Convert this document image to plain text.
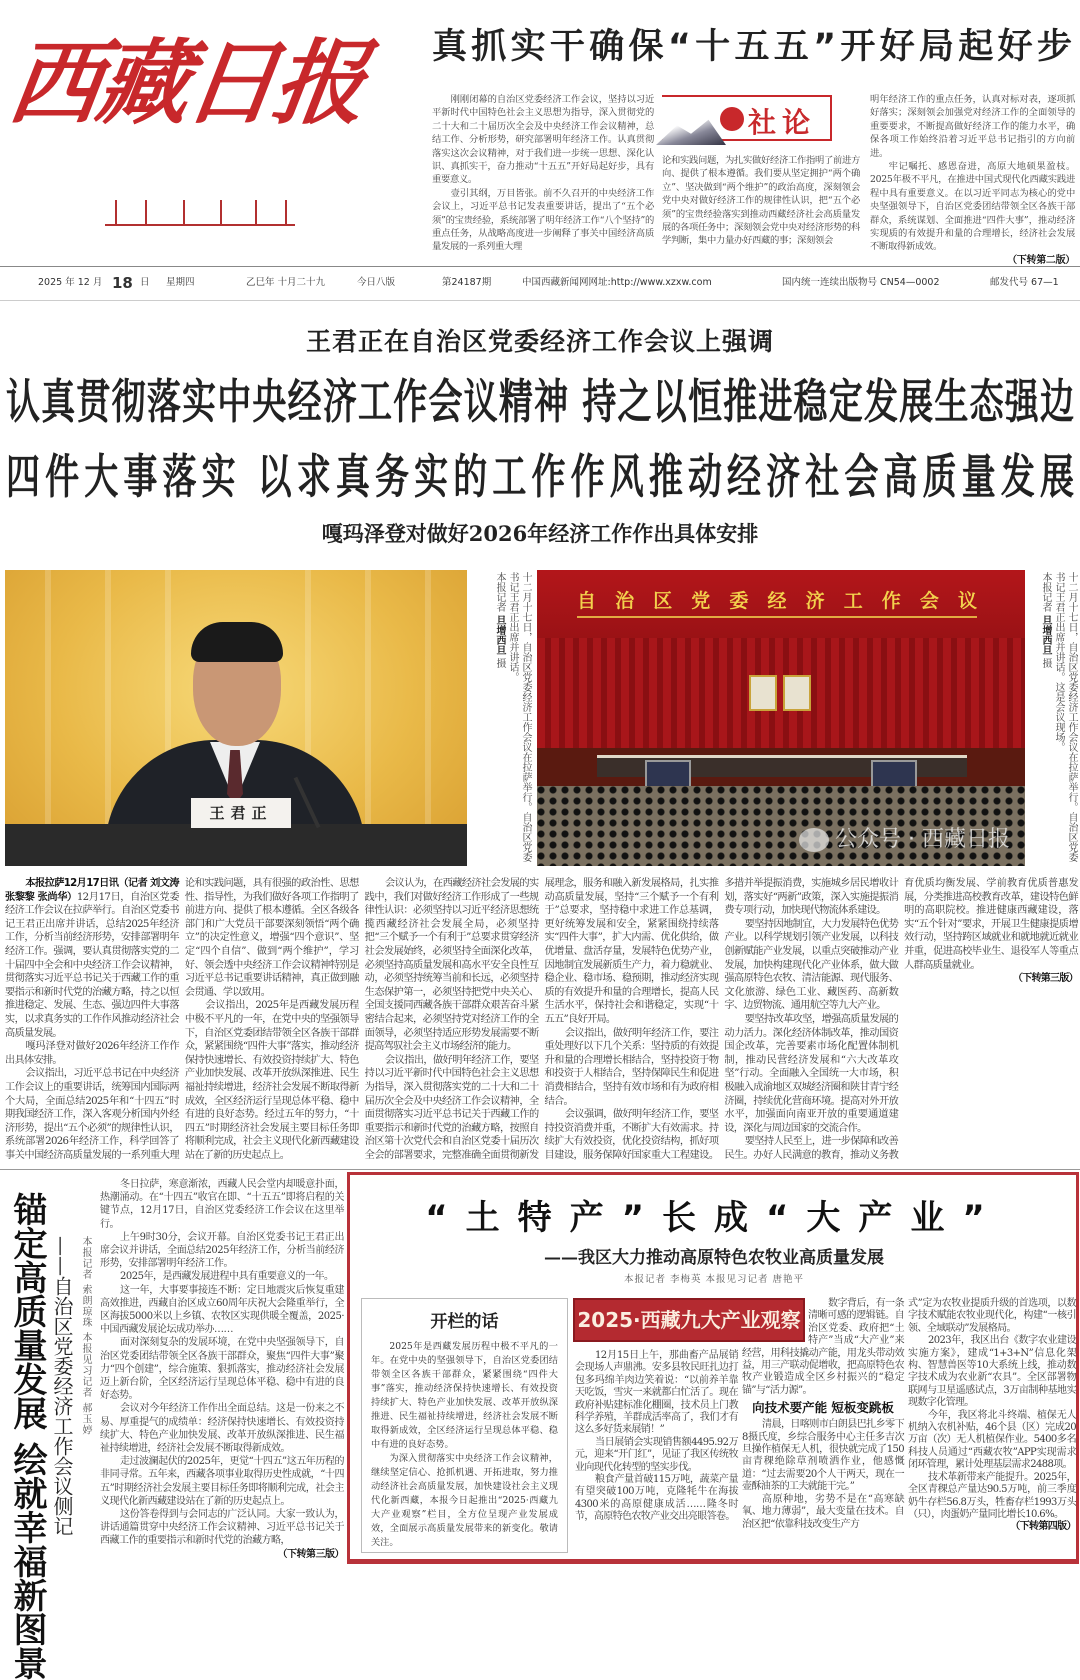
西藏日报	真抓实干确保“十五五”开好局起好步

刚刚闭幕的自治区党委经济工作会议，坚持以习近平新时代中国特色社会主义思想为指导，深入贯彻党的二十大和二十届历次全会及中央经济工作会议精神，总结工作、分析形势，研究部署明年经济工作。认真贯彻落实这次会议精神，对于我们进一步统一思想、深化认识、真抓实干，奋力推动“十五五”开好局起好步，具有重要意义。

壹引其纲，万目皆张。前不久召开的中央经济工作会议上，习近平总书记发表重要讲话，提出了“五个必须”的宝贵经验，系统部署了明年经济工作“八个坚持”的重点任务，从战略高度进一步阐释了事关中国经济高质量发展的一系列重大理

社论

论和实践问题，为扎实做好经济工作指明了前进方向、提供了根本遵循。我们要从坚定拥护“两个确立”、坚决做到“两个维护”的政治高度，深刻领会党中央对做好经济工作的规律性认识，把“五个必须”的宝贵经验落实到推动西藏经济社会高质量发展的各项任务中；深刻领会党中央对经济形势的科学判断，集中力量办好西藏的事；深刻领会

明年经济工作的重点任务，认真对标对表，逐项抓好落实；深刻领会加强党对经济工作的全面领导的重要要求，不断提高做好经济工作的能力水平，确保各项工作始终沿着习近平总书记指引的方向前进。

牢记嘱托、感恩奋进，高原大地硕果盈枝。2025年极不平凡，在推进中国式现代化西藏实践进程中具有重要意义。在以习近平同志为核心的党中央坚强领导下，自治区党委团结带领全区各族干部群众，系统谋划、全面推进“四件大事”，推动经济实现质的有效提升和量的合理增长，经济社会发展不断取得新成效。

（下转第二版）
2025 年 12 月 18 日 星期四	乙巳年 十月二十九	今日八版	第24187期	中国西藏新闻网网址:http://www.xzxw.com	国内统一连续出版物号 CN54—0002	邮发代号 67—1
王君正在自治区党委经济工作会议上强调
认真贯彻落实中央经济工作会议精神 持之以恒推进稳定发展生态强边
四件大事落实 以求真务实的工作作风推动经济社会高质量发展
嘎玛泽登对做好2026年经济工作作出具体安排
王君正	十二月十七日，自治区党委经济工作会议在拉萨举行。自治区党委书记王君正出席并讲话。
本报记者 旦增西旦 摄
自治区党委经济工作会议
公众号 · 西藏日报	十二月十七日，自治区党委经济工作会议在拉萨举行。自治区党委书记王君正出席并讲话。这是会议现场。
本报记者 旦增西旦 摄

本报拉萨12月17日讯（记者 刘文涛 张黎黎 张尚华）12月17日，自治区党委经济工作会议在拉萨举行。自治区党委书记王君正出席并讲话，总结2025年经济工作，分析当前经济形势，安排部署明年经济工作。强调，要认真贯彻落实党的二十届四中全会和中央经济工作会议精神，贯彻落实习近平总书记关于西藏工作的重要指示和新时代党的治藏方略，持之以恒推进稳定、发展、生态、强边四件大事落实，以求真务实的工作作风推动经济社会高质量发展。

嘎玛泽登对做好2026年经济工作作出具体安排。

会议指出，习近平总书记在中央经济工作会议上的重要讲话，统筹国内国际两个大局，全面总结2025年和“十四五”时期我国经济工作，深入客观分析国内外经济形势，提出“五个必须”的规律性认识，系统部署2026年经济工作，科学回答了事关中国经济高质量发展的一系列重大理论和实践问题，具有很强的政治性、思想性、指导性，为我们做好各项工作指明了前进方向、提供了根本遵循。全区各级各部门和广大党员干部要深刻领悟“两个确立”的决定性意义，增强“四个意识”、坚定“四个自信”、做到“两个维护”，学习好、领会透中央经济工作会议精神特别是习近平总书记重要讲话精神，真正做到融会贯通、学以致用。

会议指出，2025年是西藏发展历程中极不平凡的一年，在党中央的坚强领导下，自治区党委团结带领全区各族干部群众，紧紧围绕“四件大事”落实，推动经济保持快速增长、有效投资持续扩大、特色产业加快发展、改革开放纵深推进、民生福祉持续增进，经济社会发展不断取得新成效，全区经济运行呈现总体平稳、稳中有进的良好态势。经过五年的努力，“十四五”时期经济社会发展主要目标任务即将顺利完成，社会主义现代化新西藏建设站在了新的历史起点上。

会议认为，在西藏经济社会发展的实践中，我们对做好经济工作形成了一些规律性认识：必须坚持以习近平经济思想统揽西藏经济社会发展全局，必须坚持把“三个赋予一个有利于”总要求贯穿经济社会发展始终，必须坚持全面深化改革，必须坚持高质量发展和高水平安全良性互动，必须坚持统筹当前和长远，必须坚持生态保护第一，必须坚持把党中央关心、全国支援同西藏各族干部群众艰苦奋斗紧密结合起来，必须坚持党对经济工作的全面领导，必须坚持适应形势发展需要不断提高驾驭社会主义市场经济的能力。

会议指出，做好明年经济工作，要坚持以习近平新时代中国特色社会主义思想为指导，深入贯彻落实党的二十大和二十届历次全会及中央经济工作会议精神，全面贯彻落实习近平总书记关于西藏工作的重要指示和新时代党的治藏方略，按照自治区第十次党代会和自治区党委十届历次全会的部署要求，完整准确全面贯彻新发展理念，服务和融入新发展格局，扎实推动高质量发展，坚持“三个赋予一个有利于”总要求，坚持稳中求进工作总基调，更好统筹发展和安全，紧紧围绕持续落实“四件大事”，扩大内需、优化供给，做优增量、盘活存量，发展特色优势产业，因地制宜发展新质生产力，着力稳就业、稳企业、稳市场、稳预期，推动经济实现质的有效提升和量的合理增长，提高人民生活水平，保持社会和谐稳定，实现“十五五”良好开局。

会议指出，做好明年经济工作，要注重处理好以下几个关系：坚持质的有效提升和量的合理增长相结合，坚持投资于物和投资于人相结合，坚持保障民生和促进消费相结合，坚持有效市场和有为政府相结合。

会议强调，做好明年经济工作，要坚持投资消费并重，不断扩大有效需求。持续扩大有效投资，优化投资结构，抓好项目建设，服务保障好国家重大工程建设。多措并举提振消费，实施城乡居民增收计划，落实好“两新”政策，深入实施提振消费专项行动，加快现代物流体系建设。

要坚持因地制宜，大力发展特色优势产业。以科学规划引领产业发展，以科技创新赋能产业发展，以重点突破推动产业发展，加快构建现代化产业体系，做大做强高原特色农牧、清洁能源、现代服务、文化旅游、绿色工业、藏医药、高新数字、边贸物流、通用航空等九大产业。

要坚持改革攻坚，增强高质量发展的动力活力。深化经济体制改革，推动国资国企改革，完善要素市场化配置体制机制，推动民营经济发展和“六大改革攻坚”行动。全面融入全国统一大市场，积极融入成渝地区双城经济圈和陕甘青宁经济圈，持续优化营商环境。提高对外开放水平，加强面向南亚开放的重要通道建设，深化与周边国家的交流合作。

要坚持人民至上，进一步保障和改善民生。办好人民满意的教育，推动义务教育优质均衡发展、学前教育优质普惠发展，分类推进高校教育改革，建设特色鲜明的高职院校。推进健康西藏建设，落实“五个针对”要求，开展卫生健康提质增效行动，坚持跨区域就业和就地就近就业并重，促进高校毕业生、退役军人等重点人群高质量就业。

（下转第三版）
锚定高质量发展 绘就幸福新图景 ——自治区党委经济工作会议侧记 本报记者 索朗琼珠 本报见习记者 郝玉婷

冬日拉萨，寒意渐浓，西藏人民会堂内却暖意扑面，热潮涌动。在“十四五”收官在即、“十五五”即将启程的关键节点，12月17日，自治区党委经济工作会议在这里举行。

上午9时30分，会议开幕。自治区党委书记王君正出席会议并讲话，全面总结2025年经济工作，分析当前经济形势，安排部署明年经济工作。

2025年，是西藏发展进程中具有重要意义的一年。

这一年，大事要事接连不断：定日地震灾后恢复重建高效推进，西藏自治区成立60周年庆祝大会隆重举行，全区海拔5000米以上乡镇、农牧区实现供暖全覆盖，2025·中国西藏发展论坛成功举办……

面对深刻复杂的发展环境，在党中央坚强领导下，自治区党委团结带领全区各族干部群众，聚焦“四件大事”聚力“四个创建”，综合施策、狠抓落实，推动经济社会发展迈上新台阶，全区经济运行呈现总体平稳、稳中有进的良好态势。

会议对今年经济工作作出全面总结。这是一份来之不易、厚重提气的成绩单：经济保持快速增长、有效投资持续扩大、特色产业加快发展、改革开放纵深推进、民生福祉持续增进，经济社会发展不断取得新成效。

走过波澜起伏的2025年，更觉“十四五”这五年历程的非同寻常。五年来，西藏各项事业取得历史性成就，“十四五”时期经济社会发展主要目标任务即将顺利完成，社会主义现代化新西藏建设站在了新的历史起点上。

这份答卷得到与会同志的广泛认同。大家一致认为，讲话通篇贯穿中央经济工作会议精神、习近平总书记关于西藏工作的重要指示和新时代党的治藏方略，

（下转第三版）
“土特产”长成“大产业”
——我区大力推动高原特色农牧业高质量发展
本报记者 李梅英 本报见习记者 唐艳平
开栏的话

2025年是西藏发展历程中极不平凡的一年。在党中央的坚强领导下，自治区党委团结带领全区各族干部群众，紧紧围绕“四件大事”落实，推动经济保持快速增长、有效投资持续扩大、特色产业加快发展、改革开放纵深推进、民生福祉持续增进，经济社会发展不断取得新成效，全区经济运行呈现总体平稳、稳中有进的良好态势。

为深入贯彻落实中央经济工作会议精神，继续坚定信心、抢抓机遇、开拓进取，努力推动经济社会高质量发展，加快建设社会主义现代化新西藏，本报今日起推出“2025·西藏九大产业观察”栏目，全方位呈现产业发展成效，全面展示高质量发展带来的新变化。敬请关注。

2025·西藏九大产业观察

12月15日上午，那曲畜产品展销会现场人声鼎沸。安多县牧民旺扎边打包多玛绵羊肉边笑着说：“以前养羊靠天吃饭，雪灾一来就都白忙活了。现在政府补贴建标准化棚圈，技术员上门教科学养殖，羊群成活率高了，我们才有这么多好货来展销！”

当日展销会实现销售额4495.92万元，迎来“开门红”，见证了我区传统牧业向现代化转型的坚实步伐。

粮食产量首破115万吨，蔬菜产量有望突破100万吨，克隆牦牛在海拔4300米的高原健康成活……隆冬时节，高原特色农牧产业交出亮眼答卷。

数字背后，有一条清晰可感的逻辑链。自治区党委、政府把“土特产”当成“大产业”来经营，用科技撬动产能，用龙头带动效益，用三产联动促增收，把高原特色农牧产业锻造成全区乡村振兴的“稳定锚”与“活力源”。

向技术要产能 短板变跳板

清晨，日喀则市白朗县巴扎乡零下8摄氏度，乡综合服务中心主任多吉次旦操作植保无人机，很快就完成了150亩青稞绝除草剂喷洒作业，他感慨道：“过去需要20个人干两天，现在一壶酥油茶的工夫就能干完。”

高原种地，劣势不是在“高寒缺氧、地力薄弱”，最大变量在技术。自治区把“依靠科技改变生产方

式”定为农牧业提质升级的首选项，以数字技术赋能农牧业现代化，构建“一核引领、全域联动”发展格局。

2023年，我区出台《数字农业建设实施方案》，建成“1+3+N”信息化架构、智慧兽医等10大系统上线，推动数字技术成为农业新“农具”。全区部署物联网与卫星遥感试点，3万亩制种基地实现数字化管理。

今年，我区将北斗终端、植保无人机纳入农机补贴，46个县（区）完成20万亩（次）无人机植保作业。5400多名科技人员通过“西藏农牧”APP实现需求闭环管理，累计处理基层需求2488项。

技术革新带来产能提升。2025年，全区青稞总产量达90.5万吨，前三季度奶牛存栏56.8万头，牲畜存栏1993万头（只），肉蛋奶产量同比增长10.6%。

（下转第四版）
